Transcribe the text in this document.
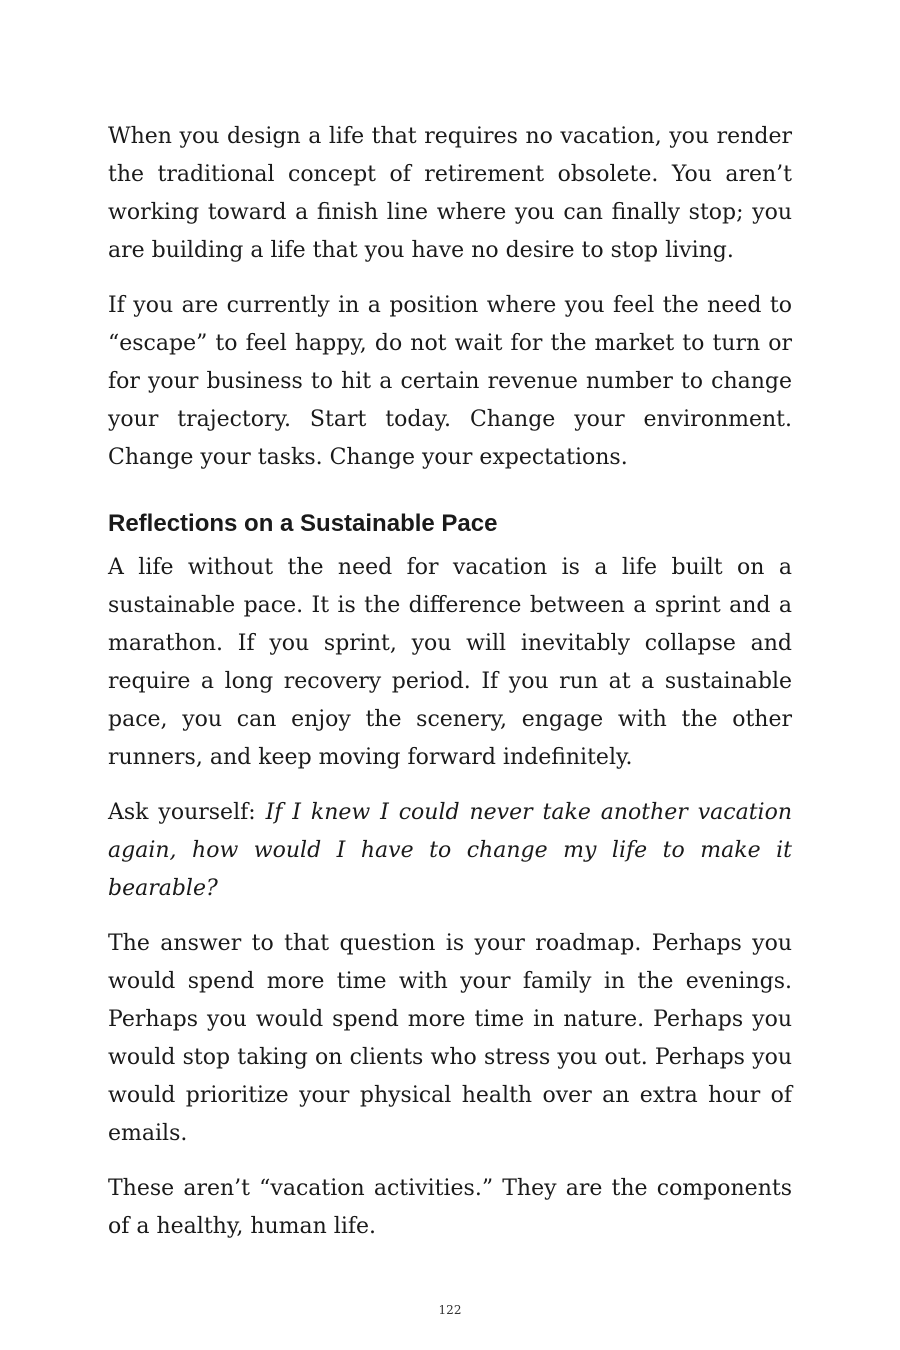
When you design a life that requires no vacation, you render the traditional concept of retirement obsolete. You aren’t working toward a finish line where you can finally stop; you are building a life that you have no desire to stop living.

If you are currently in a position where you feel the need to “escape” to feel happy, do not wait for the market to turn or for your business to hit a certain revenue number to change your trajectory. Start today. Change your environment. Change your tasks. Change your expectations.

Reflections on a Sustainable Pace

A life without the need for vacation is a life built on a sustainable pace. It is the difference between a sprint and a marathon. If you sprint, you will inevitably collapse and require a long recovery period. If you run at a sustainable pace, you can enjoy the scenery, engage with the other runners, and keep moving forward indefinitely.

Ask yourself: If I knew I could never take another vacation again, how would I have to change my life to make it bearable?

The answer to that question is your roadmap. Perhaps you would spend more time with your family in the evenings. Perhaps you would spend more time in nature. Perhaps you would stop taking on clients who stress you out. Perhaps you would prioritize your physical health over an extra hour of emails.

These aren’t “vacation activities.” They are the components of a healthy, human life.

122
